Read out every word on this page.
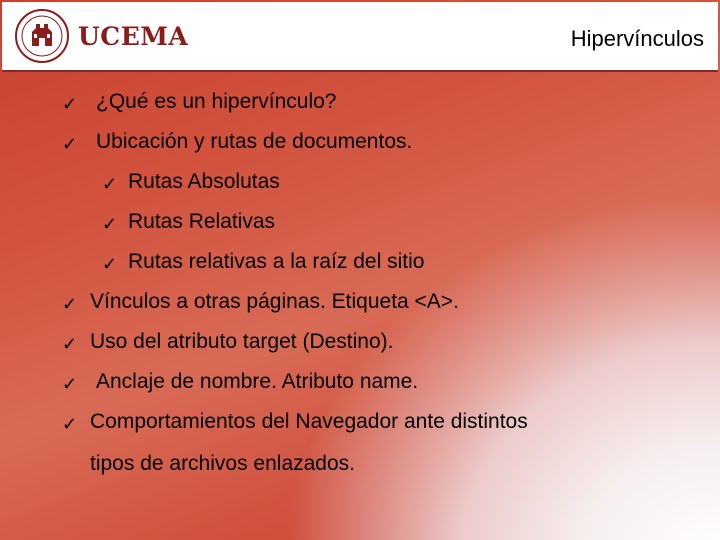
UCEMA	Hipervínculos
✓ ¿Qué es un hipervínculo?
✓ Ubicación y rutas de documentos.
✓ Rutas Absolutas
✓ Rutas Relativas
✓ Rutas relativas a la raíz del sitio
✓ Vínculos a otras páginas. Etiqueta <A>.
✓ Uso del atributo target (Destino).
✓ Anclaje de nombre. Atributo name.
✓ Comportamientos del Navegador ante distintos
tipos de archivos enlazados.
